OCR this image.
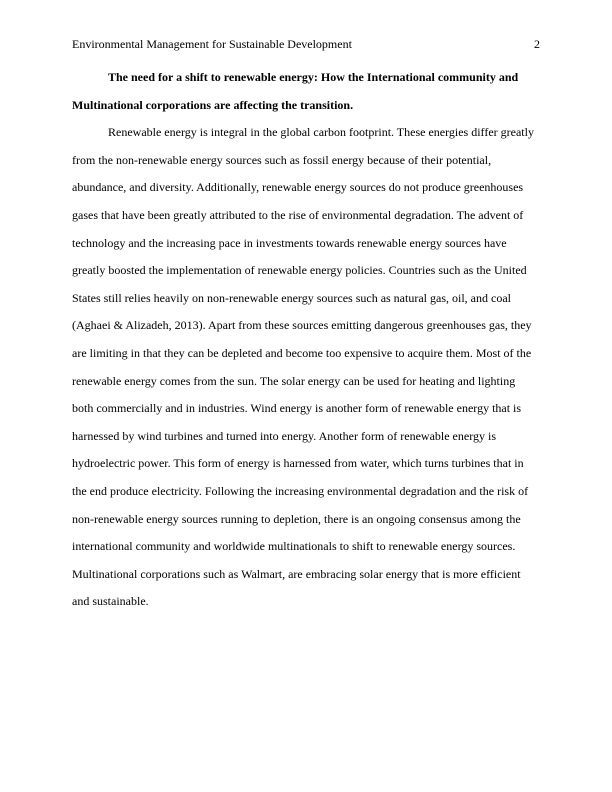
Environmental Management for Sustainable Development	2
The need for a shift to renewable energy: How the International community and
Multinational corporations are affecting the transition.
Renewable energy is integral in the global carbon footprint. These energies differ greatly
from the non-renewable energy sources such as fossil energy because of their potential,
abundance, and diversity. Additionally, renewable energy sources do not produce greenhouses
gases that have been greatly attributed to the rise of environmental degradation. The advent of
technology and the increasing pace in investments towards renewable energy sources have
greatly boosted the implementation of renewable energy policies. Countries such as the United
States still relies heavily on non-renewable energy sources such as natural gas, oil, and coal
(Aghaei & Alizadeh, 2013). Apart from these sources emitting dangerous greenhouses gas, they
are limiting in that they can be depleted and become too expensive to acquire them. Most of the
renewable energy comes from the sun. The solar energy can be used for heating and lighting
both commercially and in industries. Wind energy is another form of renewable energy that is
harnessed by wind turbines and turned into energy. Another form of renewable energy is
hydroelectric power. This form of energy is harnessed from water, which turns turbines that in
the end produce electricity. Following the increasing environmental degradation and the risk of
non-renewable energy sources running to depletion, there is an ongoing consensus among the
international community and worldwide multinationals to shift to renewable energy sources.
Multinational corporations such as Walmart, are embracing solar energy that is more efficient
and sustainable.
